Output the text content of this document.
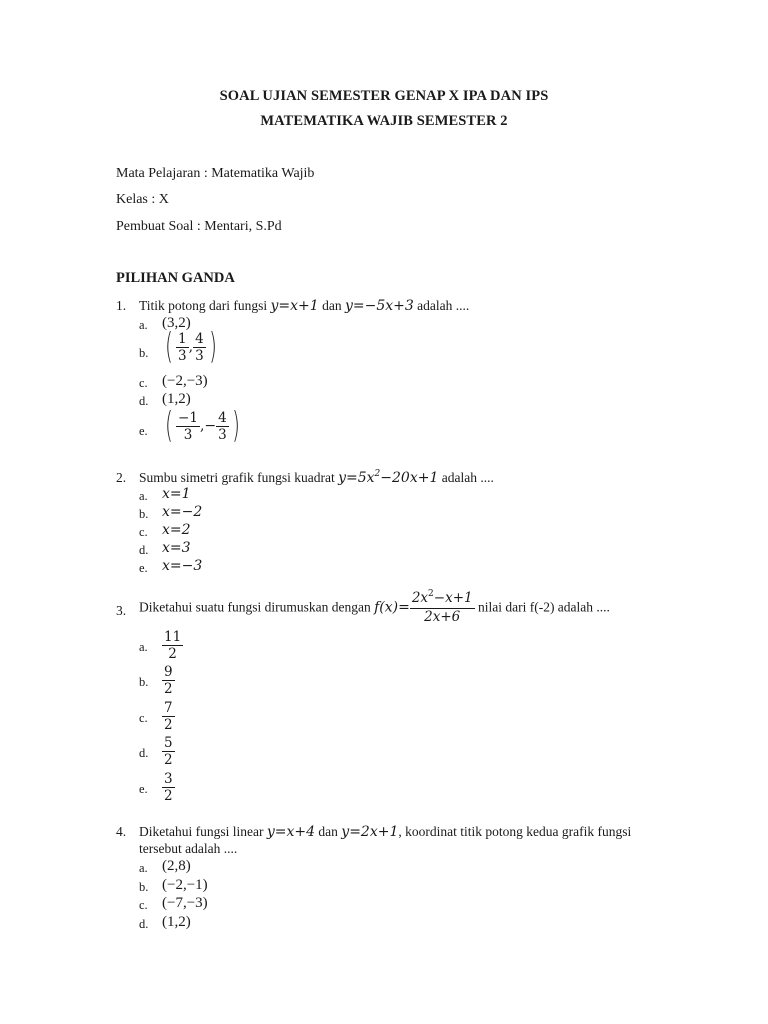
SOAL UJIAN SEMESTER GENAP X IPA DAN IPS
MATEMATIKA WAJIB SEMESTER 2
Mata Pelajaran : Matematika Wajib
Kelas : X
Pembuat Soal : Mentari, S.Pd
PILIHAN GANDA
1. Titik potong dari fungsi y=x+1 dan y=−5x+3 adalah ....
a. (3,2)
b. ( $\frac{1}{3}$ , $\frac{4}{3}$ )
c. (−2,−3)
d. (1,2)
e. ( $\frac{-1}{3}$ ,− $\frac{4}{3}$ )
2. Sumbu simetri grafik fungsi kuadrat $y=5x^2-20x+1$ adalah ....
a. x=1
b. x=−2
c. x=2
d. x=3
e. x=−3
3. Diketahui suatu fungsi dirumuskan dengan $f(x)= \frac{2x^2-x+1}{2x+6}$ nilai dari f(-2) adalah ....
a. $\frac{11}{2}$
b. $\frac{9}{2}$
c. $\frac{7}{2}$
d. $\frac{5}{2}$
e. $\frac{3}{2}$
4. Diketahui fungsi linear y=x+4 dan y=2x+1, koordinat titik potong kedua grafik fungsi
tersebut adalah ....
a. (2,8)
b. (−2,−1)
c. (−7,−3)
d. (1,2)
